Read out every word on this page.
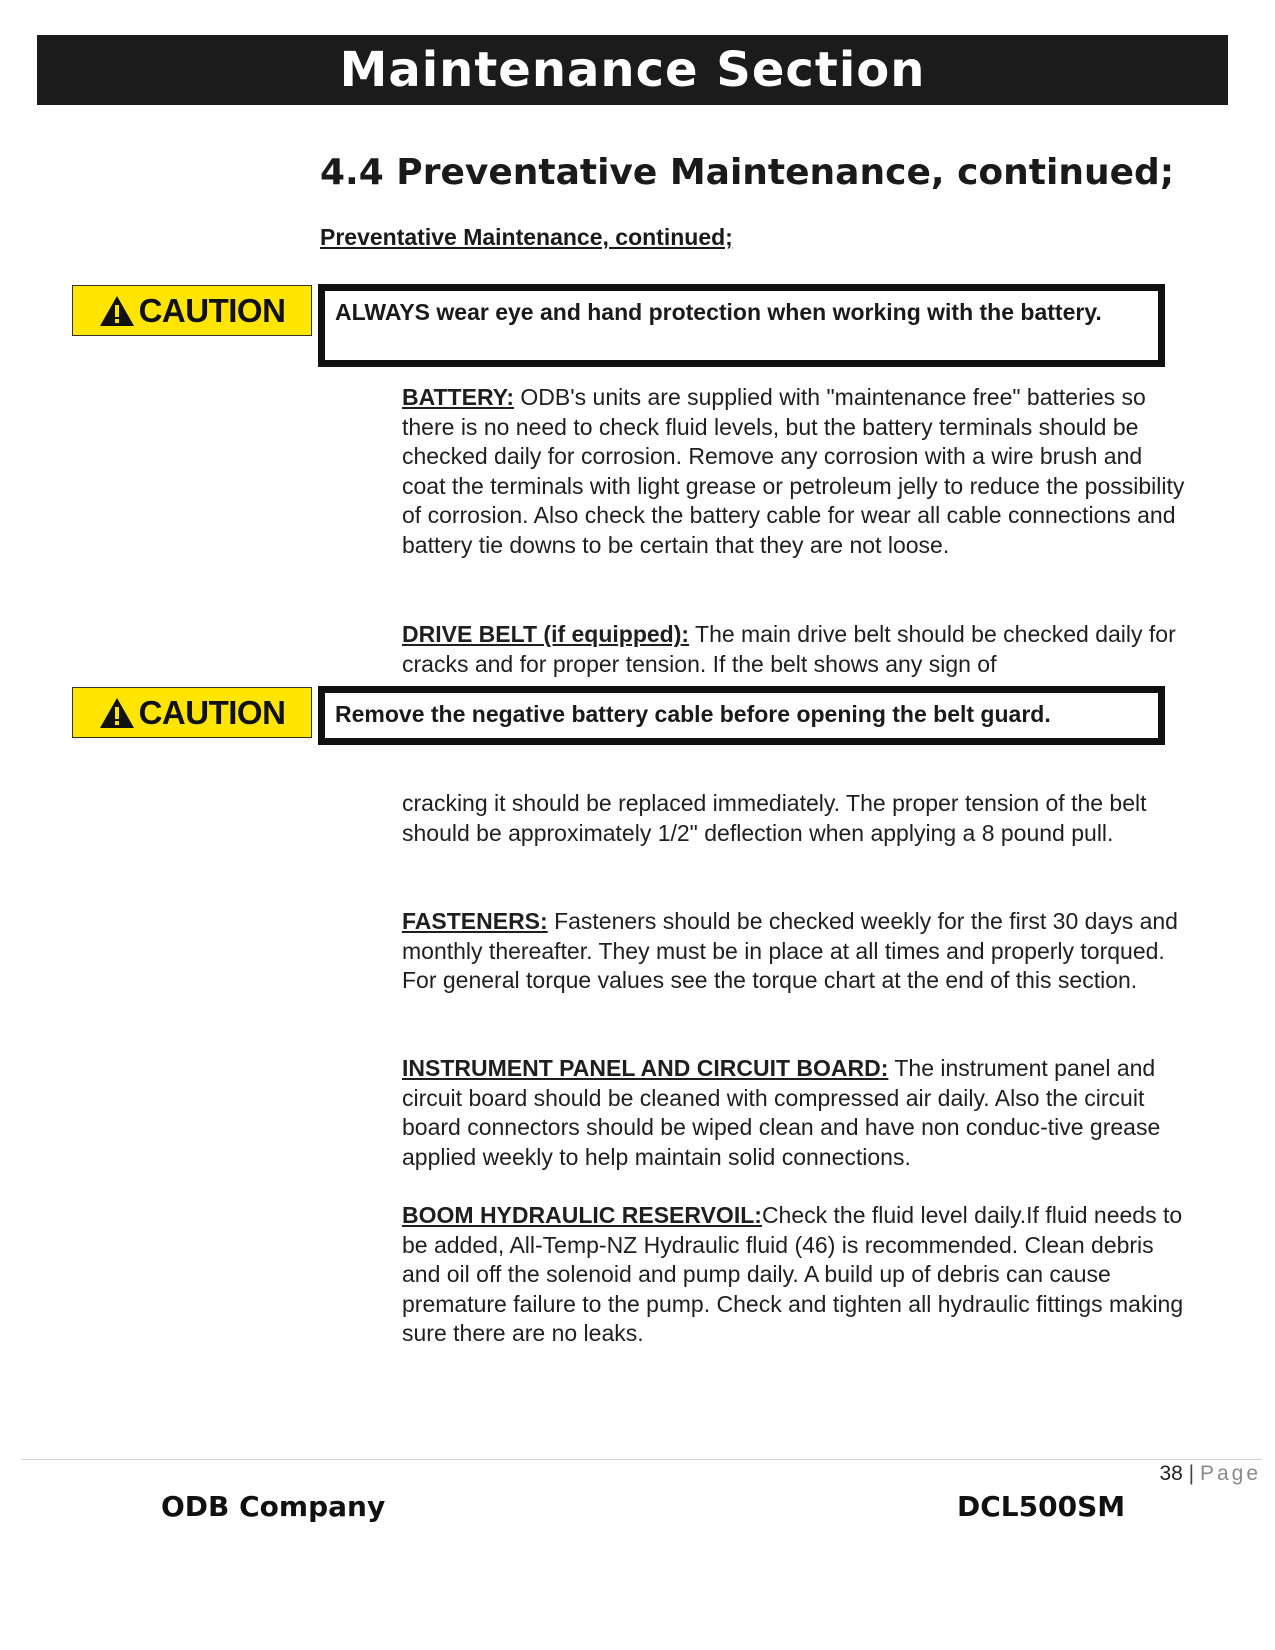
Maintenance Section
4.4 Preventative Maintenance, continued;
Preventative Maintenance, continued;
CAUTION ALWAYS wear eye and hand protection when working with the battery.
BATTERY: ODB's units are supplied with "maintenance free" batteries so there is no need to check fluid levels, but the battery terminals should be checked daily for corrosion. Remove any corrosion with a wire brush and coat the terminals with light grease or petroleum jelly to reduce the possibility of corrosion. Also check the battery cable for wear all cable connections and battery tie downs to be certain that they are not loose.
DRIVE BELT (if equipped): The main drive belt should be checked daily for cracks and for proper tension. If the belt shows any sign of
CAUTION Remove the negative battery cable before opening the belt guard.
cracking it should be replaced immediately. The proper tension of the belt should be approximately 1/2" deflection when applying a 8 pound pull.
FASTENERS: Fasteners should be checked weekly for the first 30 days and monthly thereafter. They must be in place at all times and properly torqued. For general torque values see the torque chart at the end of this section.
INSTRUMENT PANEL AND CIRCUIT BOARD: The instrument panel and circuit board should be cleaned with compressed air daily. Also the circuit board connectors should be wiped clean and have non conduc-tive grease applied weekly to help maintain solid connections.
BOOM HYDRAULIC RESERVOIL:Check the fluid level daily.If fluid needs to be added, All-Temp-NZ Hydraulic fluid (46) is recommended. Clean debris and oil off the solenoid and pump daily. A build up of debris can cause premature failure to the pump. Check and tighten all hydraulic fittings making sure there are no leaks.
38 | Page
ODB Company	DCL500SM
